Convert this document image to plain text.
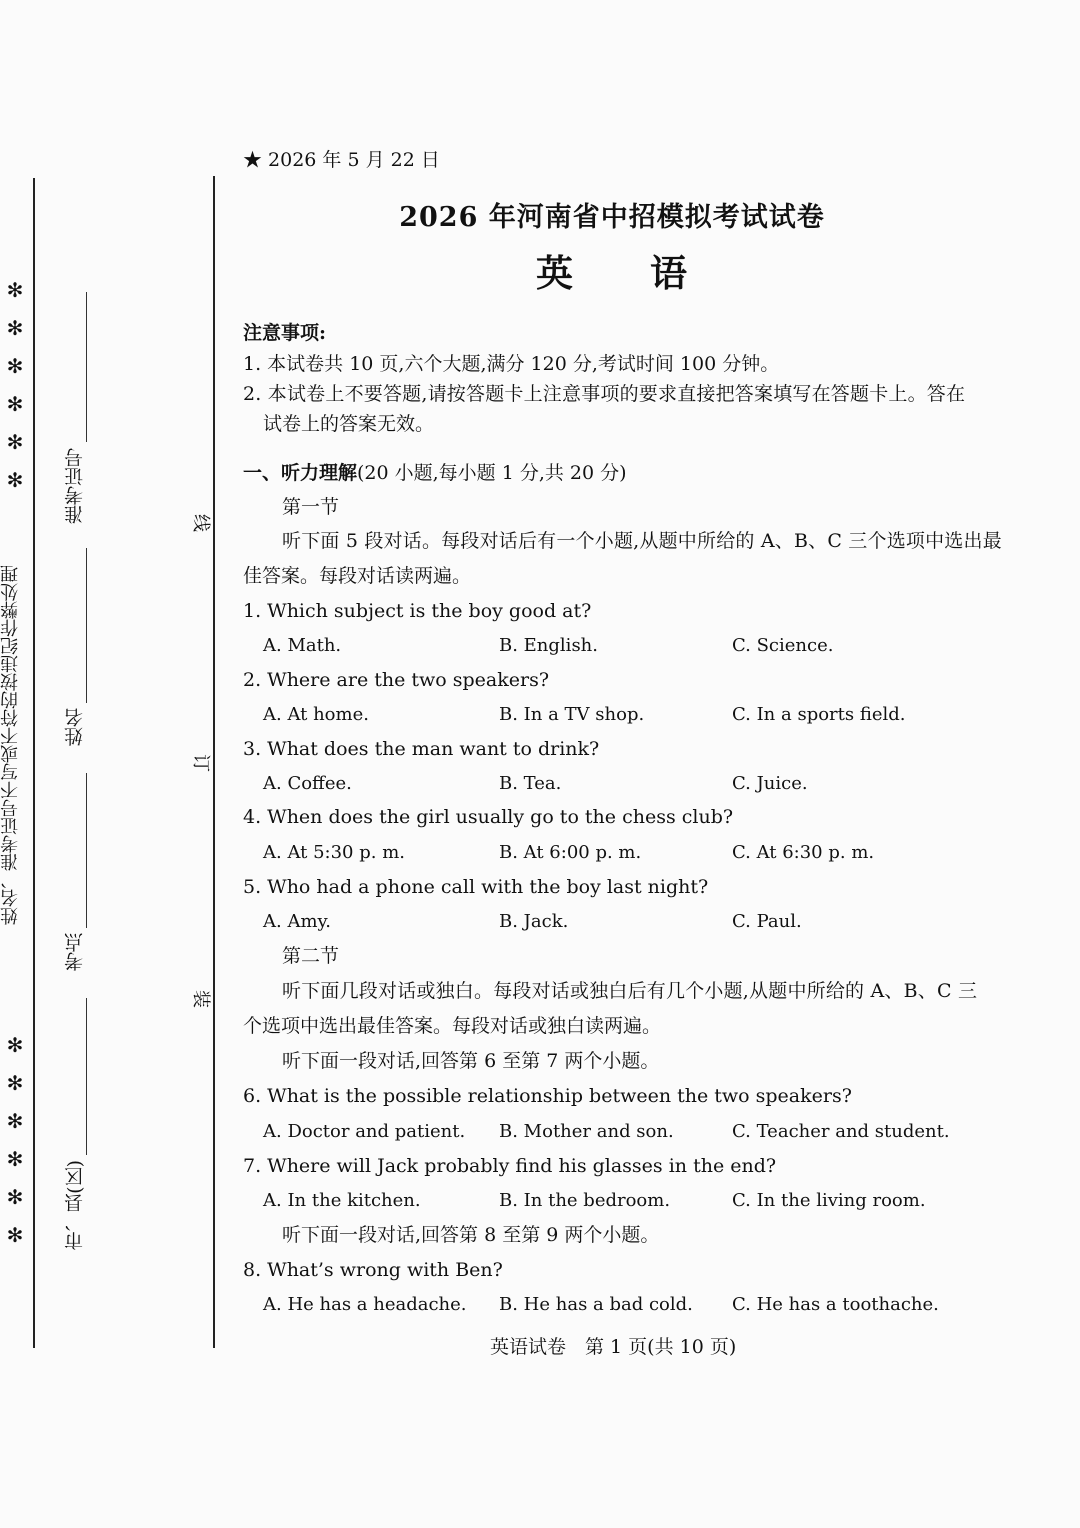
✻
✻
✻
✻
✻
✻
✻
✻
✻
✻
✻
✻
姓名、准考证号不写或不符的按违纪作弊处理
准考证号
姓名
考点
市、县(区)
线
订
装
★ 2026 年 5 月 22 日
2026 年河南省中招模拟考试试卷
英 语
注意事项:
1. 本试卷共 10 页,六个大题,满分 120 分,考试时间 100 分钟。
2. 本试卷上不要答题,请按答题卡上注意事项的要求直接把答案填写在答题卡上。答在
试卷上的答案无效。
一、听力理解(20 小题,每小题 1 分,共 20 分)
第一节
听下面 5 段对话。每段对话后有一个小题,从题中所给的 A、B、C 三个选项中选出最
佳答案。每段对话读两遍。
1. Which subject is the boy good at?
A. Math.	B. English.	C. Science.
2. Where are the two speakers?
A. At home.	B. In a TV shop.	C. In a sports field.
3. What does the man want to drink?
A. Coffee.	B. Tea.	C. Juice.
4. When does the girl usually go to the chess club?
A. At 5:30 p. m.	B. At 6:00 p. m.	C. At 6:30 p. m.
5. Who had a phone call with the boy last night?
A. Amy.	B. Jack.	C. Paul.
第二节
听下面几段对话或独白。每段对话或独白后有几个小题,从题中所给的 A、B、C 三
个选项中选出最佳答案。每段对话或独白读两遍。
听下面一段对话,回答第 6 至第 7 两个小题。
6. What is the possible relationship between the two speakers?
A. Doctor and patient. B. Mother and son.	C. Teacher and student.
7. Where will Jack probably find his glasses in the end?
A. In the kitchen.	B. In the bedroom.	C. In the living room.
听下面一段对话,回答第 8 至第 9 两个小题。
8. What’s wrong with Ben?
A. He has a headache. B. He has a bad cold. C. He has a toothache.
英语试卷　第 1 页(共 10 页)
